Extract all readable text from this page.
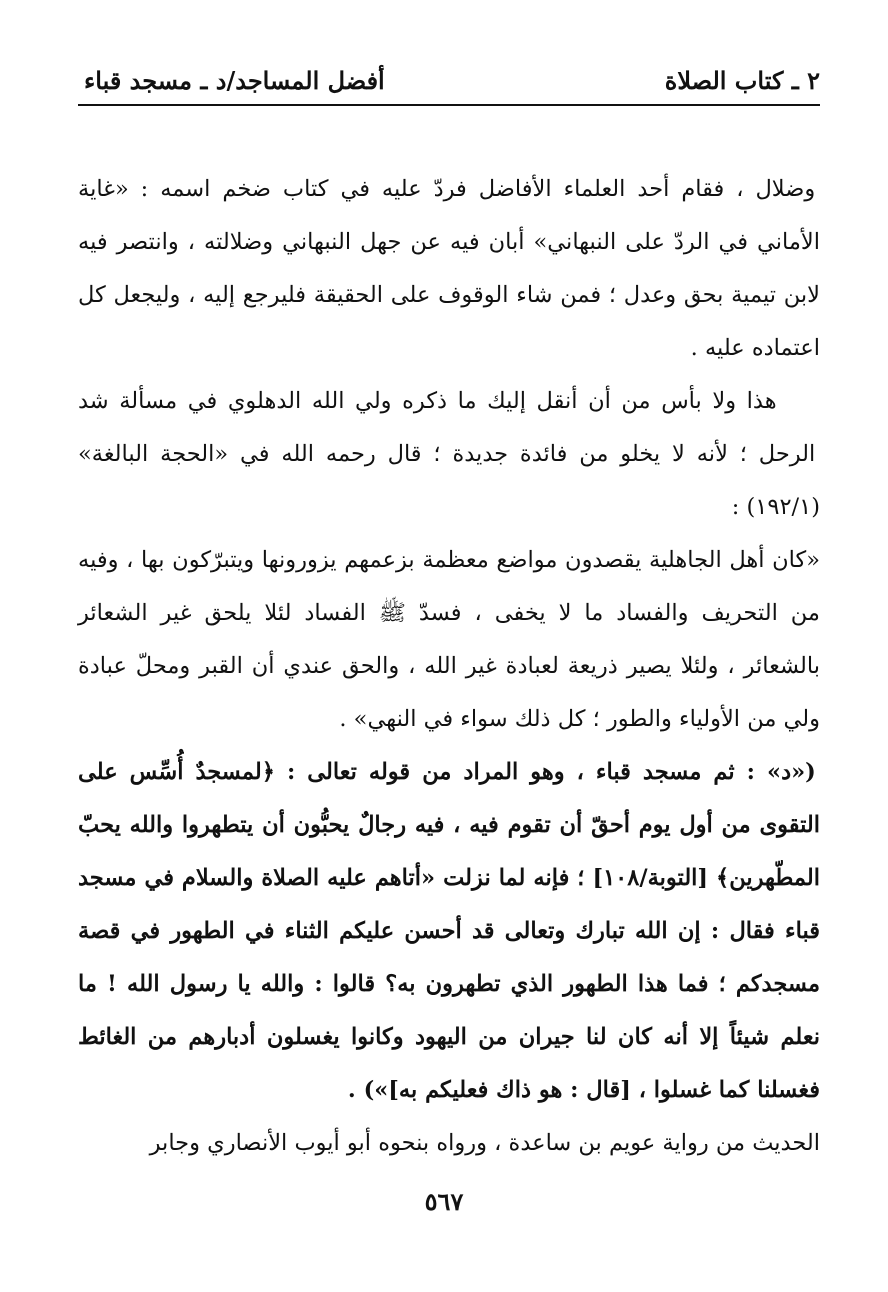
٢ ـ كتاب الصلاة
أفضل المساجد/د ـ مسجد قباء

وضلال ، فقام أحد العلماء الأفاضل فردّ عليه في كتاب ضخم اسمه : «غاية الأماني في الردّ على النبهاني» أبان فيه عن جهل النبهاني وضلالته ، وانتصر فيه لابن تيمية بحق وعدل ؛ فمن شاء الوقوف على الحقيقة فليرجع إليه ، وليجعل كل اعتماده عليه .

هذا ولا بأس من أن أنقل إليك ما ذكره ولي الله الدهلوي في مسألة شد الرحل ؛ لأنه لا يخلو من فائدة جديدة ؛ قال رحمه الله في «الحجة البالغة» (١٩٢/١) :

«كان أهل الجاهلية يقصدون مواضع معظمة بزعمهم يزورونها ويتبرّكون بها ، وفيه من التحريف والفساد ما لا يخفى ، فسدّ ﷺ الفساد لئلا يلحق غير الشعائر بالشعائر ، ولئلا يصير ذريعة لعبادة غير الله ، والحق عندي أن القبر ومحلّ عبادة ولي من الأولياء والطور ؛ كل ذلك سواء في النهي» .

(«د» : ثم مسجد قباء ، وهو المراد من قوله تعالى : ﴿لمسجدٌ أُسِّس على التقوى من أول يوم أحقّ أن تقوم فيه ، فيه رجالٌ يحبُّون أن يتطهروا والله يحبّ المطّهرين﴾ [التوبة/١٠٨] ؛ فإنه لما نزلت «أتاهم عليه الصلاة والسلام في مسجد قباء فقال : إن الله تبارك وتعالى قد أحسن عليكم الثناء في الطهور في قصة مسجدكم ؛ فما هذا الطهور الذي تطهرون به؟ قالوا : والله يا رسول الله ! ما نعلم شيئاً إلا أنه كان لنا جيران من اليهود وكانوا يغسلون أدبارهم من الغائط فغسلنا كما غسلوا ، [قال : هو ذاك فعليكم به]») .

الحديث من رواية عويم بن ساعدة ، ورواه بنحوه أبو أيوب الأنصاري وجابر

٥٦٧
